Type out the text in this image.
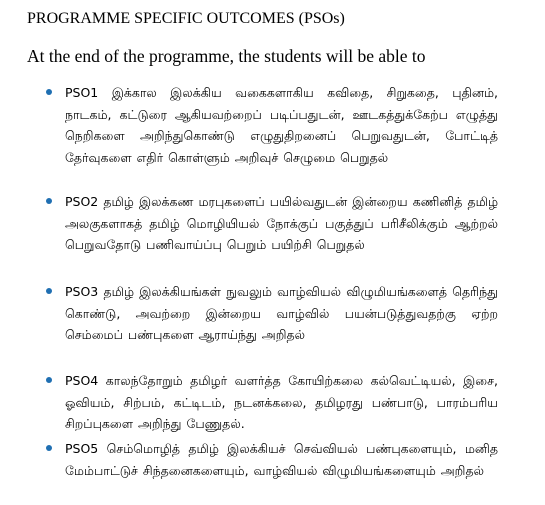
PROGRAMME SPECIFIC OUTCOMES (PSOs)
At the end of the programme, the students will be able to
PSO1 இக்கால இலக்கிய வகைகளாகிய கவிதை, சிறுகதை, புதினம், நாடகம், கட்டுரை ஆகியவற்றைப் படிப்பதுடன், ஊடகத்துக்கேற்ப எழுத்து நெறிகளை அறிந்துகொண்டு எழுதுதிறனைப் பெறுவதுடன், போட்டித் தேர்வுகளை எதிர் கொள்ளும் அறிவுச் செழுமை பெறுதல்
PSO2 தமிழ் இலக்கண மரபுகளைப் பயில்வதுடன் இன்றைய கணினித் தமிழ் அலகுகளாகத் தமிழ் மொழியியல் நோக்குப் பகுத்துப் பரிசீலிக்கும் ஆற்றல் பெறுவதோடு பணிவாய்ப்பு பெறும் பயிற்சி பெறுதல்
PSO3 தமிழ் இலக்கியங்கள் நுவலும் வாழ்வியல் விழுமியங்களைத் தெரிந்து கொண்டு, அவற்றை இன்றைய வாழ்வில் பயன்படுத்துவதற்கு ஏற்ற செம்மைப் பண்புகளை ஆராய்ந்து அறிதல்
PSO4 காலந்தோறும் தமிழர் வளர்த்த கோயிற்கலை கல்வெட்டியல், இசை, ஓவியம், சிற்பம், கட்டிடம், நடனக்கலை, தமிழரது பண்பாடு, பாரம்பரிய சிறப்புகளை அறிந்து பேணுதல்.
PSO5 செம்மொழித் தமிழ் இலக்கியச் செவ்வியல் பண்புகளையும், மனித மேம்பாட்டுச் சிந்தனைகளையும், வாழ்வியல் விழுமியங்களையும் அறிதல்
